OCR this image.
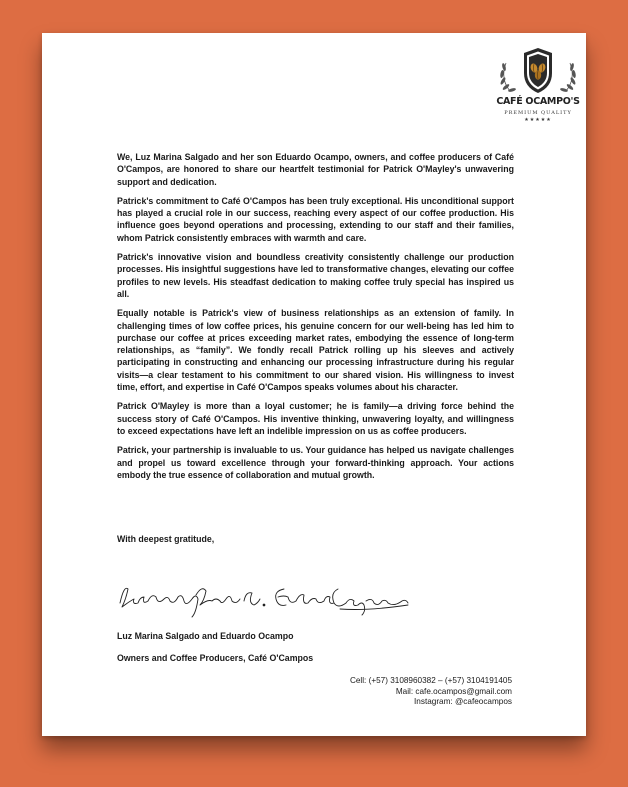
CAFÉ OCAMPO'S
PREMIUM QUALITY
★★★★★

We, Luz Marina Salgado and her son Eduardo Ocampo, owners, and coffee producers of Café O'Campos, are honored to share our heartfelt testimonial for Patrick O'Mayley's unwavering support and dedication.

Patrick's commitment to Café O'Campos has been truly exceptional. His unconditional support has played a crucial role in our success, reaching every aspect of our coffee production. His influence goes beyond operations and processing, extending to our staff and their families, whom Patrick consistently embraces with warmth and care.

Patrick's innovative vision and boundless creativity consistently challenge our production processes. His insightful suggestions have led to transformative changes, elevating our coffee profiles to new levels. His steadfast dedication to making coffee truly special has inspired us all.

Equally notable is Patrick's view of business relationships as an extension of family. In challenging times of low coffee prices, his genuine concern for our well-being has led him to purchase our coffee at prices exceeding market rates, embodying the essence of long-term relationships, as “family”. We fondly recall Patrick rolling up his sleeves and actively participating in constructing and enhancing our processing infrastructure during his regular visits—a clear testament to his commitment to our shared vision. His willingness to invest time, effort, and expertise in Café O'Campos speaks volumes about his character.

Patrick O'Mayley is more than a loyal customer; he is family—a driving force behind the success story of Café O'Campos. His inventive thinking, unwavering loyalty, and willingness to exceed expectations have left an indelible impression on us as coffee producers.

Patrick, your partnership is invaluable to us. Your guidance has helped us navigate challenges and propel us toward excellence through your forward-thinking approach. Your actions embody the true essence of collaboration and mutual growth.

With deepest gratitude,
Luz Marina Salgado and Eduardo Ocampo
Owners and Coffee Producers, Café O'Campos
Cell: (+57) 3108960382 – (+57) 3104191405
Mail: cafe.ocampos@gmail.com
Instagram: @cafeocampos
